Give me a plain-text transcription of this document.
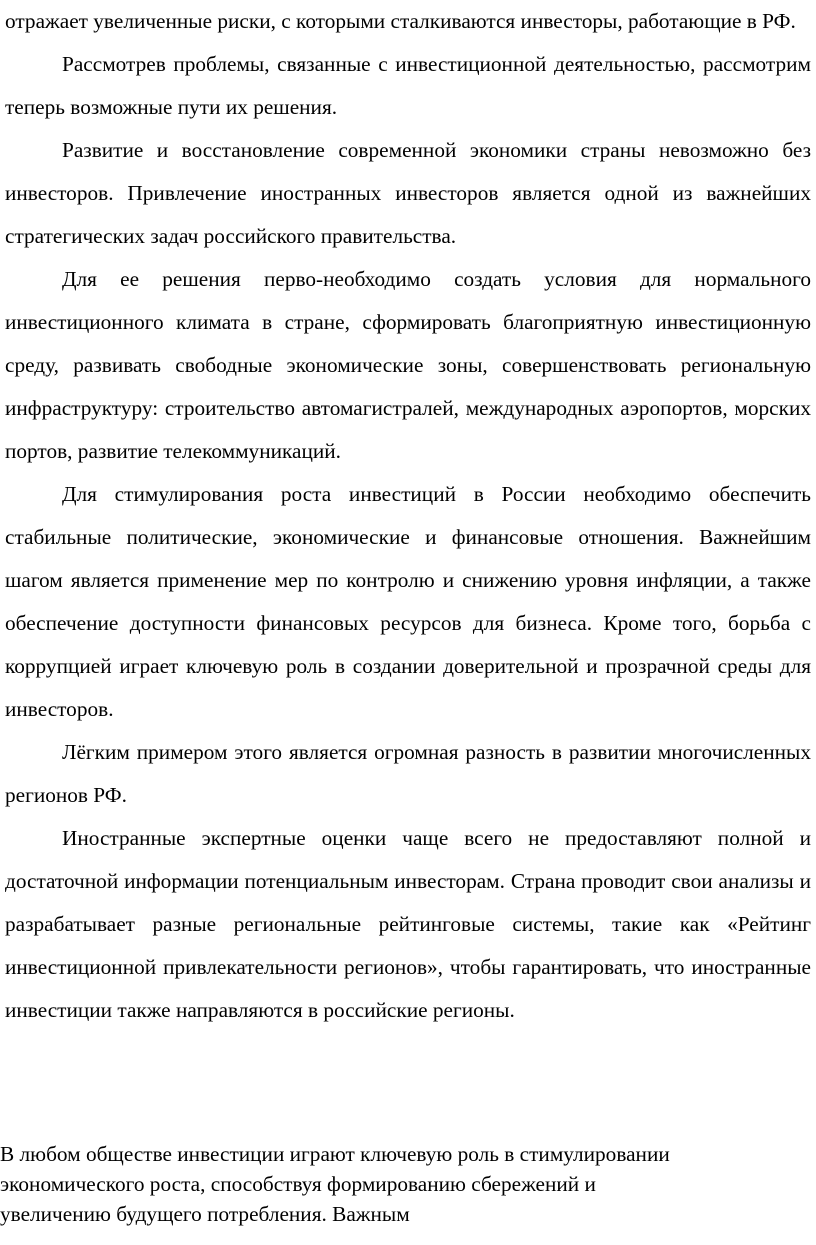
отражает увеличенные риски, с которыми сталкиваются инвесторы, работающие в РФ.

Рассмотрев проблемы, связанные с инвестиционной деятельностью, рассмотрим теперь возможные пути их решения.

Развитие и восстановление современной экономики страны невозможно без инвесторов. Привлечение иностранных инвесторов является одной из важнейших стратегических задач российского правительства.

Для ее решения перво-необходимо создать условия для нормального инвестиционного климата в стране, сформировать благоприятную инвестиционную среду, развивать свободные экономические зоны, совершенствовать региональную инфраструктуру: строительство автомагистралей, международных аэропортов, морских портов, развитие телекоммуникаций.

Для стимулирования роста инвестиций в России необходимо обеспечить стабильные политические, экономические и финансовые отношения. Важнейшим шагом является применение мер по контролю и снижению уровня инфляции, а также обеспечение доступности финансовых ресурсов для бизнеса. Кроме того, борьба с коррупцией играет ключевую роль в создании доверительной и прозрачной среды для инвесторов.

Лёгким примером этого является огромная разность в развитии многочисленных регионов РФ.

Иностранные экспертные оценки чаще всего не предоставляют полной и достаточной информации потенциальным инвесторам. Страна проводит свои анализы и разрабатывает разные региональные рейтинговые системы, такие как «Рейтинг инвестиционной привлекательности регионов», чтобы гарантировать, что иностранные инвестиции также направляются в российские регионы.

В любом обществе инвестиции играют ключевую роль в стимулировании
экономического роста, способствуя формированию сбережений и
увеличению будущего потребления. Важным
